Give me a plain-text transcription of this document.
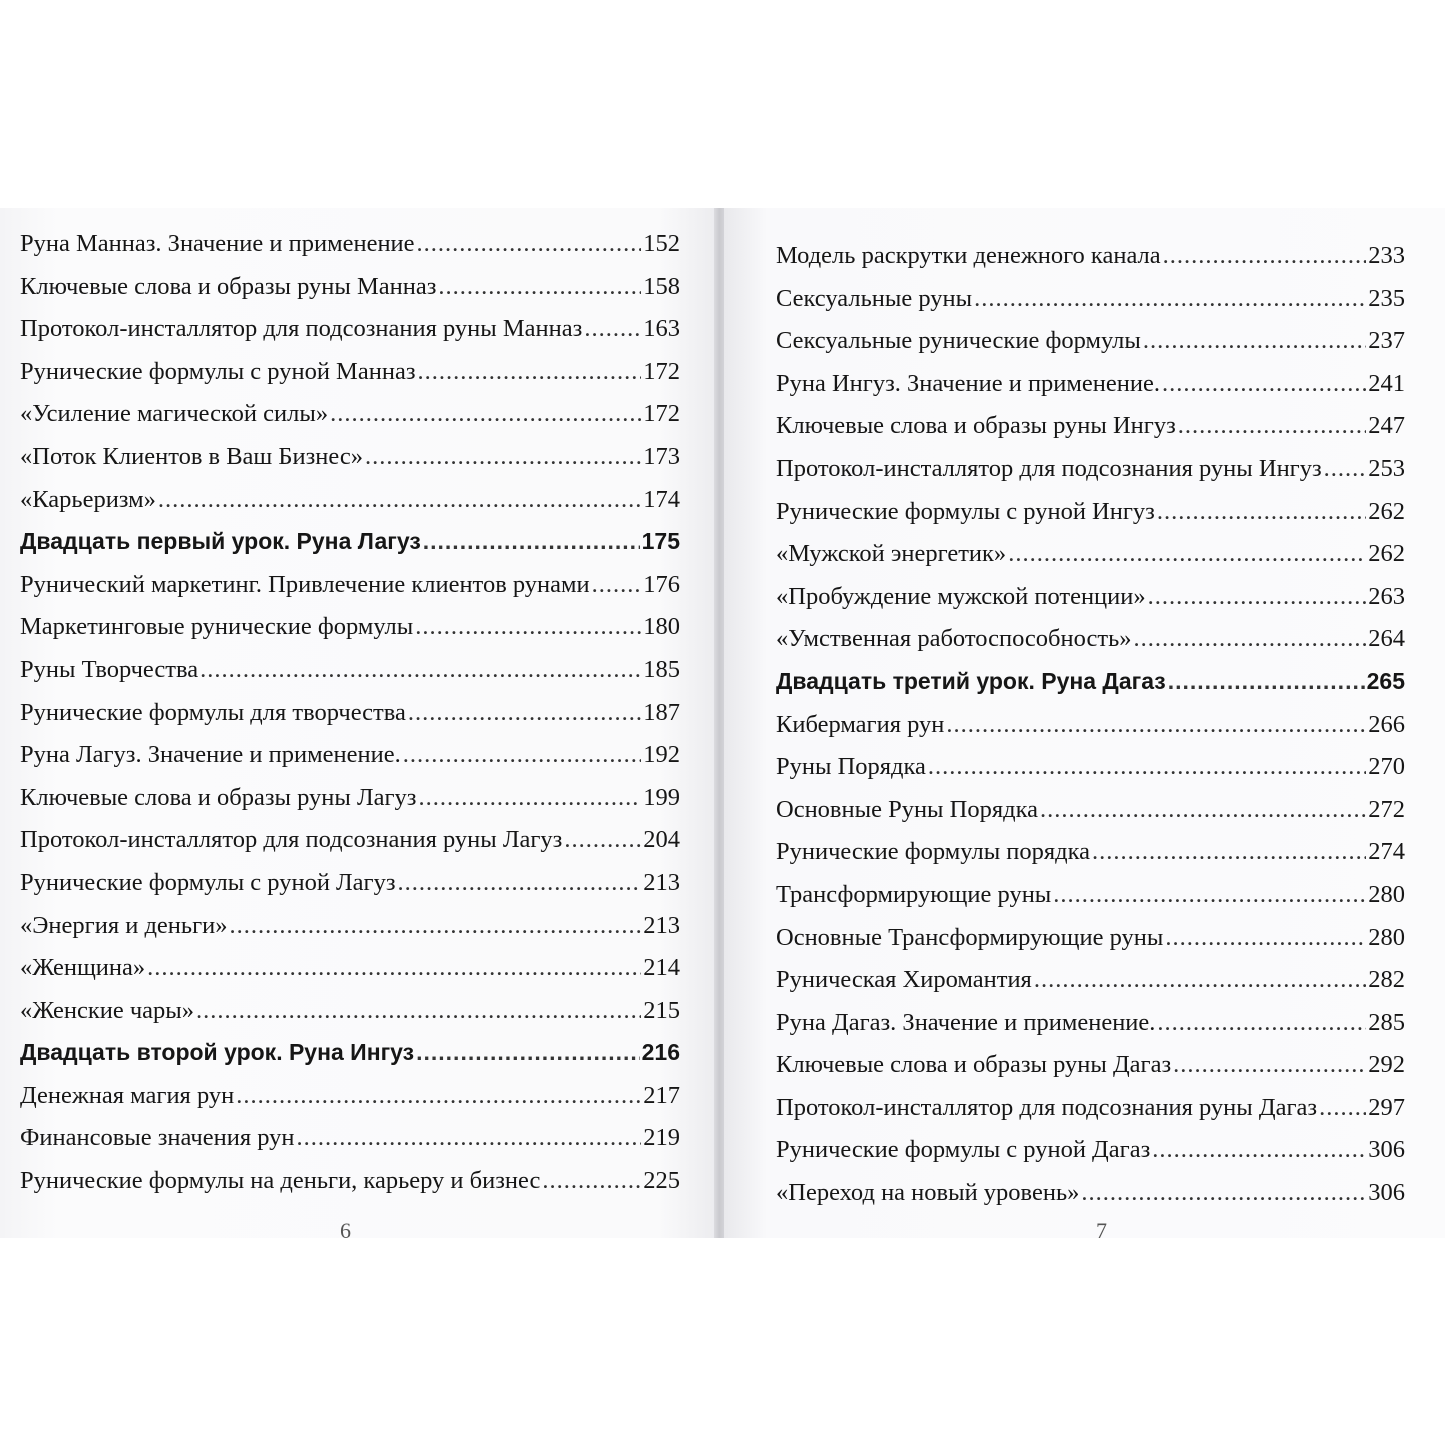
Руна Манназ. Значение и применение .....	152
Ключевые слова и образы руны Манназ .....	158
Протокол-инсталлятор для подсознания руны Манназ ..... 163
Рунические формулы с руной Манназ .....	172
«Усиление магической силы» .....	172
«Поток Клиентов в Ваш Бизнес» .....	173
«Карьеризм» .....	174
Двадцать первый урок. Руна Лагуз .....	175
Рунический маркетинг. Привлечение клиентов рунами ..... 176
Маркетинговые рунические формулы .....	180
Руны Творчества .....	185
Рунические формулы для творчества .....	187
Руна Лагуз. Значение и применение. .....	192
Ключевые слова и образы руны Лагуз .....	199
Протокол-инсталлятор для подсознания руны Лагуз .....	204
Рунические формулы с руной Лагуз .....	213
«Энергия и деньги» .....	213
«Женщина» .....	214
«Женские чары» .....	215
Двадцать второй урок. Руна Ингуз .....	216
Денежная магия рун .....	217
Финансовые значения рун .....	219
Рунические формулы на деньги, карьеру и бизнес .....	225
6
Модель раскрутки денежного канала .....	233
Сексуальные руны .....	235
Сексуальные рунические формулы .....	237
Руна Ингуз. Значение и применение. .....	241
Ключевые слова и образы руны Ингуз .....	247
Протокол-инсталлятор для подсознания руны Ингуз ..... 253
Рунические формулы с руной Ингуз .....	262
«Мужской энергетик» .....	262
«Пробуждение мужской потенции» .....	263
«Умственная работоспособность» .....	264
Двадцать третий урок. Руна Дагаз .....	265
Кибермагия рун .....	266
Руны Порядка .....	270
Основные Руны Порядка .....	272
Рунические формулы порядка .....	274
Трансформирующие руны .....	280
Основные Трансформирующие руны .....	280
Руническая Хиромантия .....	282
Руна Дагаз. Значение и применение. .....	285
Ключевые слова и образы руны Дагаз .....	292
Протокол-инсталлятор для подсознания руны Дагаз ..... 297
Рунические формулы с руной Дагаз .....	306
«Переход на новый уровень» .....	306
7
